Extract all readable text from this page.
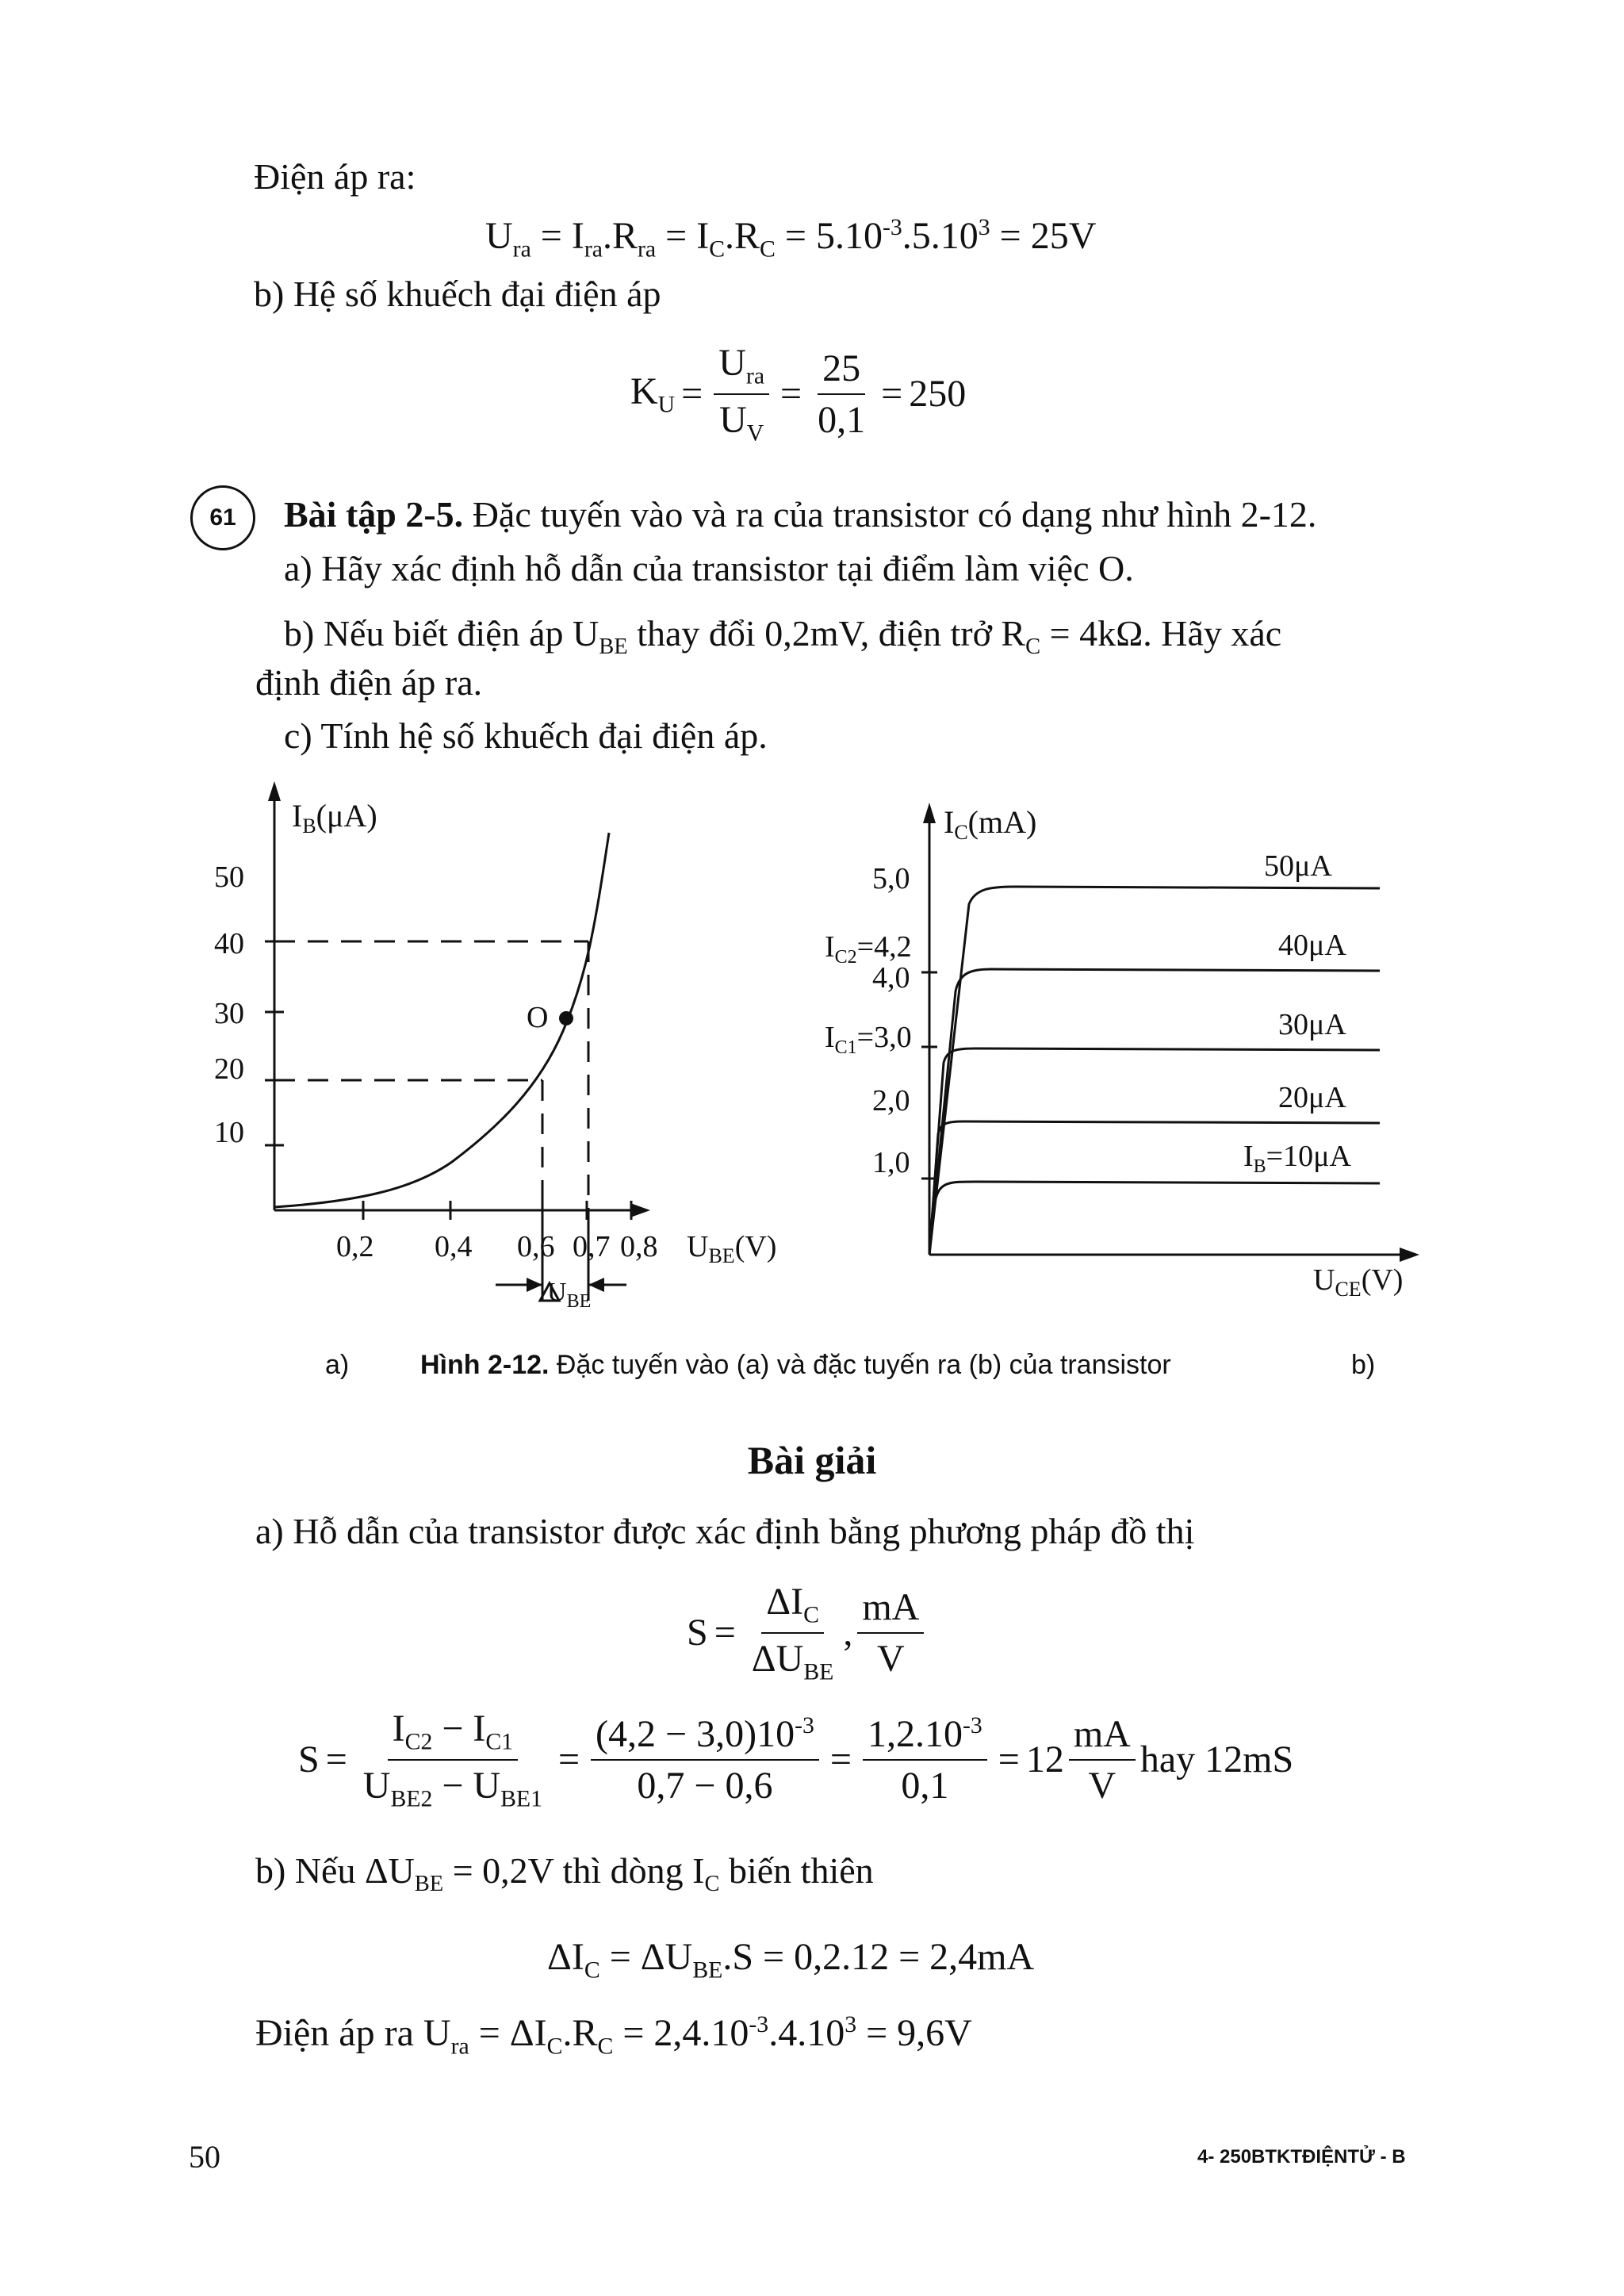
Điện áp ra:
$U_{ra} = I_{ra}.R_{ra} = I_C.R_C = 5.10^{-3}.5.10^3 = 25V$
b) Hệ số khuếch đại điện áp
$K_U = \frac{U_{ra}}{U_V} = \frac{25}{0,1} = 250$
61 Bài tập 2-5. Đặc tuyến vào và ra của transistor có dạng như hình 2-12.
a) Hãy xác định hỗ dẫn của transistor tại điểm làm việc O.
b) Nếu biết điện áp $U_{BE}$ thay đổi 0,2mV, điện trở $R_C = 4k\Omega$. Hãy xác
định điện áp ra.
c) Tính hệ số khuếch đại điện áp.
O
$I_B(\mu A)$
50
40
30
20
10
0,2 0,4 0,6 0,7 0,8 $U_{BE}(V)$
$U_{BE}$
$I_C(mA)$
5,0
$I_{C2}=4,2$
4,0
$I_{C1}=3,0$
2,0
1,0
50μA
40μA
30μA
20μA
$I_B=10\mu A$
$U_{CE}(V)$
a)	Hình 2-12. Đặc tuyến vào (a) và đặc tuyến ra (b) của transistor	b)
Bài giải
a) Hỗ dẫn của transistor được xác định bằng phương pháp đồ thị
$S = \frac{\Delta I_C}{\Delta U_{BE}}$ , $\frac{mA}{V}$
$S = \frac{I_{C2} - I_{C1}}{U_{BE2} - U_{BE1}} = \frac{(4,2 - 3,0)10^{-3}}{0,7 - 0,6} = \frac{1,2.10^{-3}}{0,1} = 12 \frac{mA}{V}$ hay 12mS
b) Nếu $\Delta U_{BE} = 0,2V$ thì dòng $I_C$ biến thiên
$\Delta I_C = \Delta U_{BE}.S = 0,2.12 = 2,4mA$
Điện áp ra $U_{ra} = \Delta I_C.R_C = 2,4.10^{-3}.4.10^3 = 9,6V$
50	4- 250BTKTĐIỆNTỬ - B
